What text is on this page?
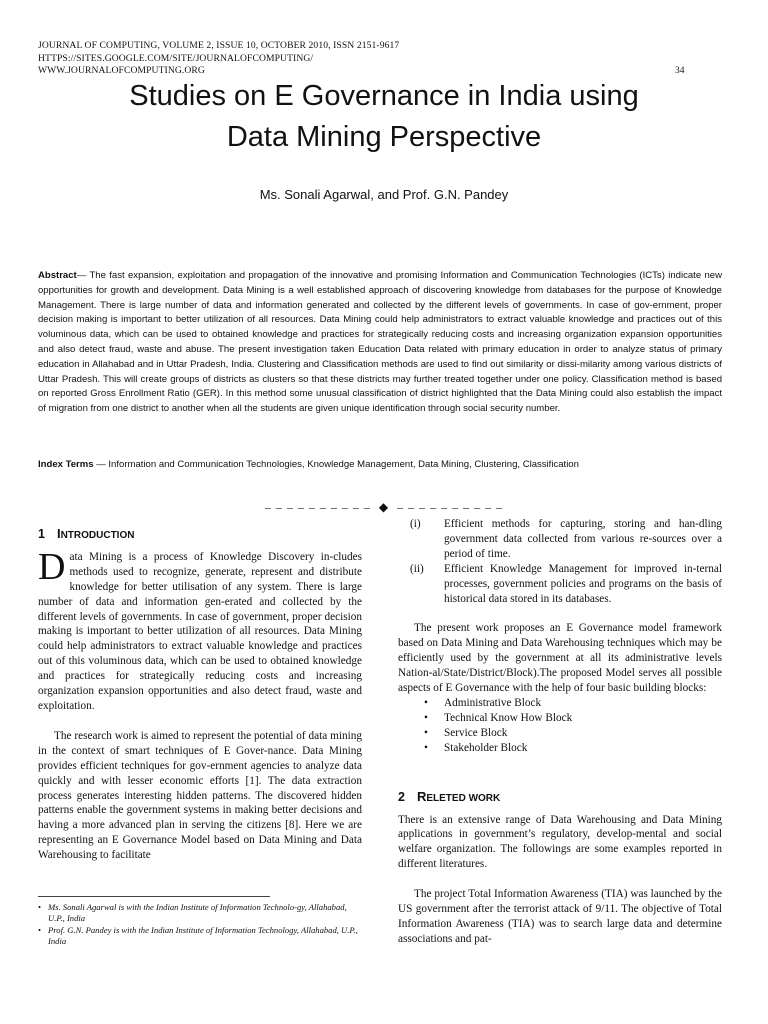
JOURNAL OF COMPUTING, VOLUME 2, ISSUE 10, OCTOBER 2010, ISSN 2151-9617
HTTPS://SITES.GOOGLE.COM/SITE/JOURNALOFCOMPUTING/
WWW.JOURNALOFCOMPUTING.ORG	34
Studies on E Governance in India using
Data Mining Perspective
Ms. Sonali Agarwal, and Prof. G.N. Pandey
Abstract— The fast expansion, exploitation and propagation of the innovative and promising Information and Communication Technologies (ICTs) indicate new opportunities for growth and development. Data Mining is a well established approach of discovering knowledge from databases for the purpose of Knowledge Management. There is large number of data and information generated and collected by the different levels of governments. In case of gov-ernment, proper decision making is important to better utilization of all resources. Data Mining could help administrators to extract valuable knowledge and practices out of this voluminous data, which can be used to obtained knowledge and practices for strategically reducing costs and increasing organization expansion opportunities and also detect fraud, waste and abuse. The present investigation taken Education Data related with primary education in order to analyze status of primary education in Allahabad and in Uttar Pradesh, India. Clustering and Classification methods are used to find out similarity or dissi-milarity among various districts of Uttar Pradesh. This will create groups of districts as clusters so that these districts may further treated together under one policy. Classification method is based on reported Gross Enrollment Ratio (GER). In this method some unusual classification of district highlighted that the Data Mining could also establish the impact of migration from one district to another when all the students are given unique identification through social security number.
Index Terms — Information and Communication Technologies, Knowledge Management, Data Mining, Clustering, Classification
– – – – – – – – – – ◆ – – – – – – – – – –
1 INTRODUCTION

Data Mining is a process of Knowledge Discovery in-cludes methods used to recognize, generate, represent and distribute knowledge for better utilisation of any system. There is large number of data and information gen-erated and collected by the different levels of governments. In case of government, proper decision making is important to better utilization of all resources. Data Mining could help administrators to extract valuable knowledge and practices out of this voluminous data, which can be used to obtained knowledge and practices for strategically reducing costs and increasing organization expansion opportunities and also detect fraud, waste and exploitation.

The research work is aimed to represent the potential of data mining in the context of smart techniques of E Gover-nance. Data Mining provides efficient techniques for gov-ernment agencies to analyze data quickly and with lesser economic efforts [1]. The data extraction process generates interesting hidden patterns. The discovered hidden patterns enable the government systems in making better decisions and having a more advanced plan in serving the citizens [8]. Here we are representing an E Governance Model based on Data Mining and Data Warehousing to facilitate

• Ms. Sonali Agarwal is with the Indian Institute of Information Technolo-gy, Allahabad, U.P., India
• Prof. G.N. Pandey is with the Indian Institute of Information Technology, Allahabad, U.P., India
(i) Efficient methods for capturing, storing and han-dling government data collected from various re-sources over a period of time.
(ii) Efficient Knowledge Management for improved in-ternal processes, government policies and programs on the basis of historical data stored in its databases.

The present work proposes an E Governance model framework based on Data Mining and Data Warehousing techniques which may be efficiently used by the government at all its administrative levels Nation-al/State/District/Block).The proposed Model serves all possible aspects of E Governance with the help of four basic building blocks:

• Administrative Block
• Technical Know How Block
• Service Block
• Stakeholder Block
2 RELETED WORK

There is an extensive range of Data Warehousing and Data Mining applications in government’s regulatory, develop-mental and social welfare organization. The followings are some examples reported in different literatures.

The project Total Information Awareness (TIA) was launched by the US government after the terrorist attack of 9/11. The objective of Total Information Awareness (TIA) was to search large data and determine associations and pat-
